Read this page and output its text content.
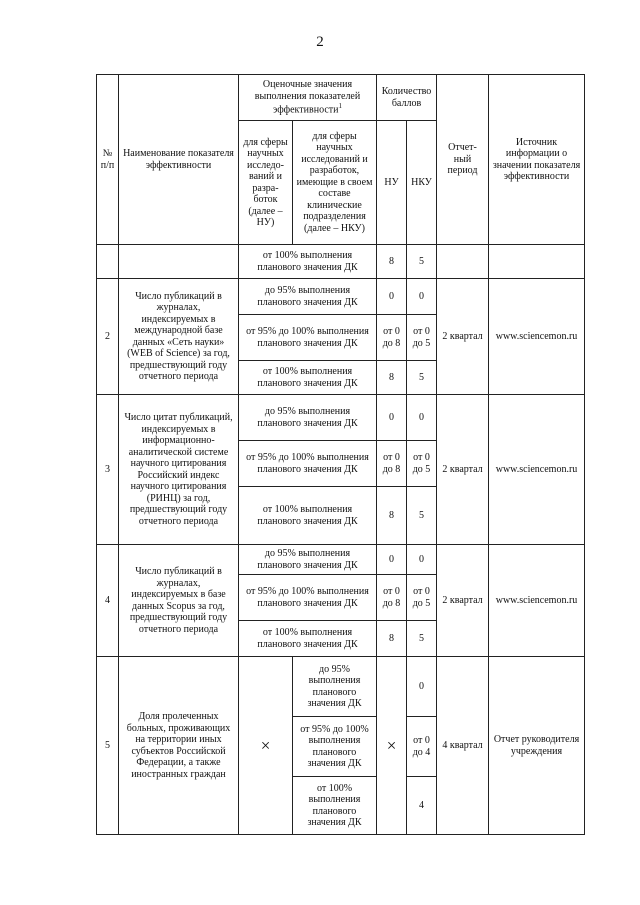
2
№
п/п	Наименование показателя эффективности	Оценочные значения выполнения показателей эффективности$^1$		Количество баллов		Отчет-ный период	Источник информации о значении показателя эффективности
		для сферы научных исследо-ваний и разра-боток (далее – НУ)	для сферы научных исследований и разработок, имеющие в своем составе клинические подразделения (далее – НКУ)	НУ	НКУ		
		от 100% выполнения планового значения ДК		8	5		
2	Число публикаций в журналах, индексируемых в международной базе данных «Сеть науки» (WEB of Science) за год, предшествующий году отчетного периода	до 95% выполнения планового значения ДК		0	0	2 квартал	www.sciencemon.ru
		от 95% до 100% выполнения планового значения ДК		от 0 до 8	от 0 до 5		
		от 100% выполнения планового значения ДК		8	5		
3	Число цитат публикаций, индексируемых в информационно-аналитической системе научного цитирования Российский индекс научного цитирования (РИНЦ) за год, предшествующий году отчетного периода	до 95% выполнения планового значения ДК		0	0	2 квартал	www.sciencemon.ru
		от 95% до 100% выполнения планового значения ДК		от 0 до 8	от 0 до 5		
		от 100% выполнения планового значения ДК		8	5		
4	Число публикаций в журналах, индексируемых в базе данных Scopus за год, предшествующий году отчетного периода	до 95% выполнения планового значения ДК		0	0	2 квартал	www.sciencemon.ru
		от 95% до 100% выполнения планового значения ДК		от 0 до 8	от 0 до 5		
		от 100% выполнения планового значения ДК		8	5		
5	Доля пролеченных больных, проживающих на территории иных субъектов Российской Федерации, а также иностранных граждан	×	до 95% выполнения планового значения ДК	×	0	4 квартал	Отчет руководителя учреждения
			от 95% до 100% выполнения планового значения ДК		от 0 до 4		
			от 100% выполнения планового значения ДК		4		
